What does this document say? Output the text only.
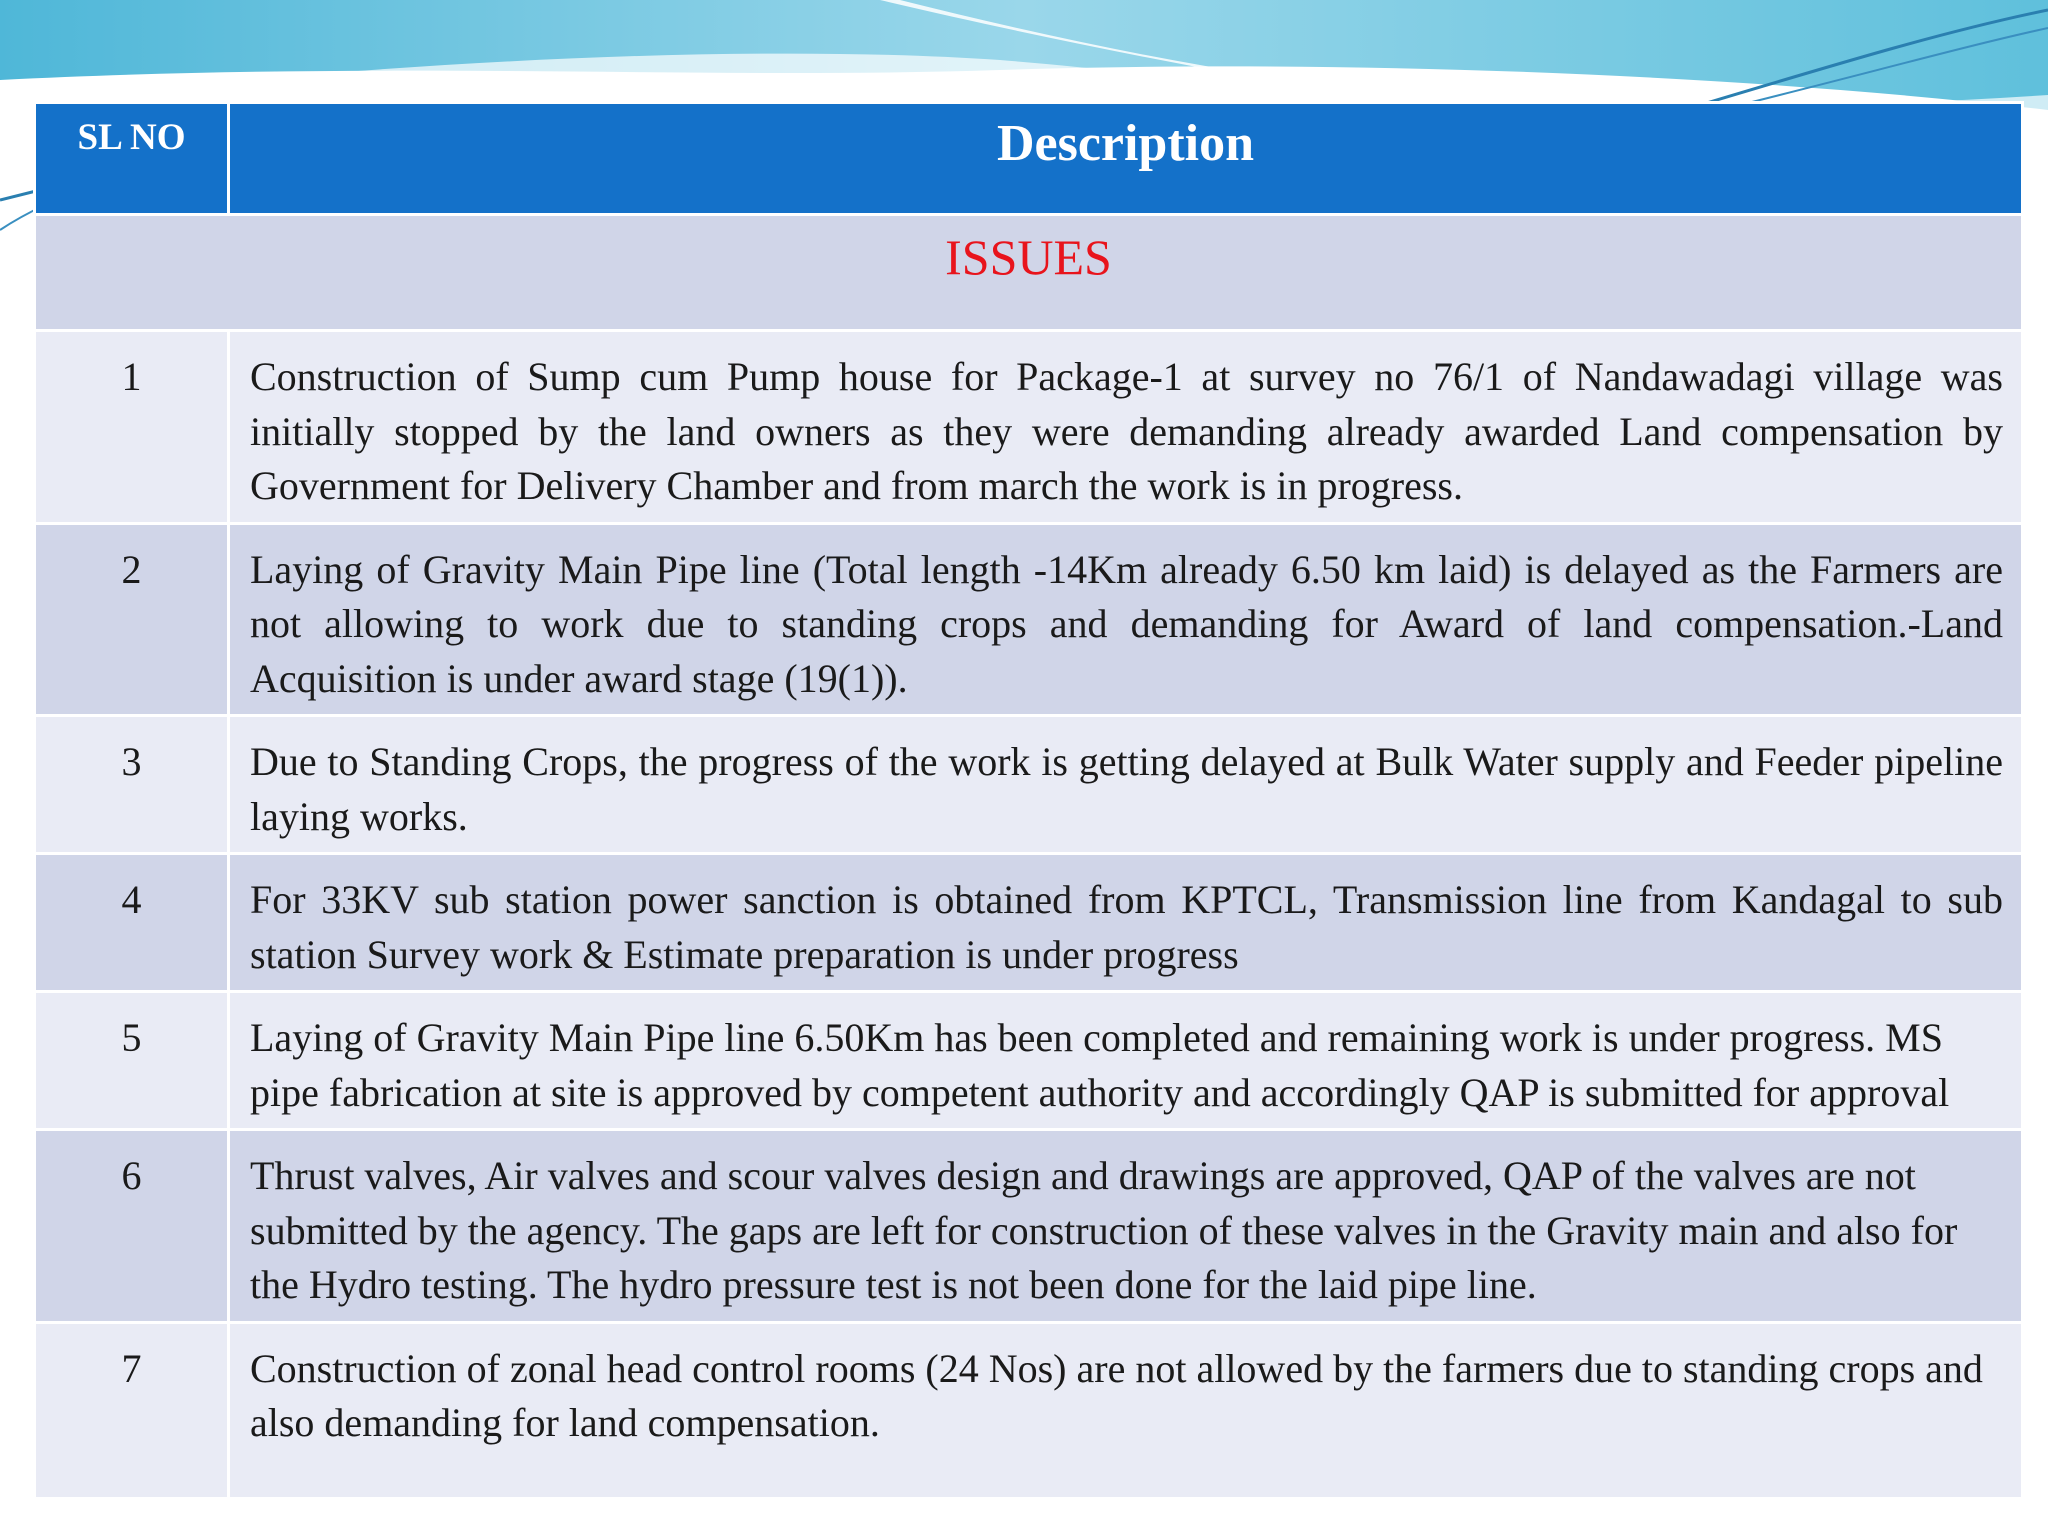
SL NO	Description
ISSUES	
1	Construction of Sump cum Pump house for Package-1 at survey no 76/1 of Nandawadagi village was initially stopped by the land owners as they were demanding already awarded Land compensation by Government for Delivery Chamber and from march the work is in progress.
2	Laying of Gravity Main Pipe line (Total length -14Km already 6.50 km laid) is delayed as the Farmers are not allowing to work due to standing crops and demanding for Award of land compensation.-Land Acquisition is under award stage (19(1)).
3	Due to Standing Crops, the progress of the work is getting delayed at Bulk Water supply and Feeder pipeline laying works.
4	For 33KV sub station power sanction is obtained from KPTCL, Transmission line from Kandagal to sub station Survey work & Estimate preparation is under progress
5	Laying of Gravity Main Pipe line 6.50Km has been completed and remaining work is under progress. MS pipe fabrication at site is approved by competent authority and accordingly QAP is submitted for approval
6	Thrust valves, Air valves and scour valves design and drawings are approved, QAP of the valves are not submitted by the agency. The gaps are left for construction of these valves in the Gravity main and also for the Hydro testing. The hydro pressure test is not been done for the laid pipe line.
7	Construction of zonal head control rooms (24 Nos) are not allowed by the farmers due to standing crops and also demanding for land compensation.
